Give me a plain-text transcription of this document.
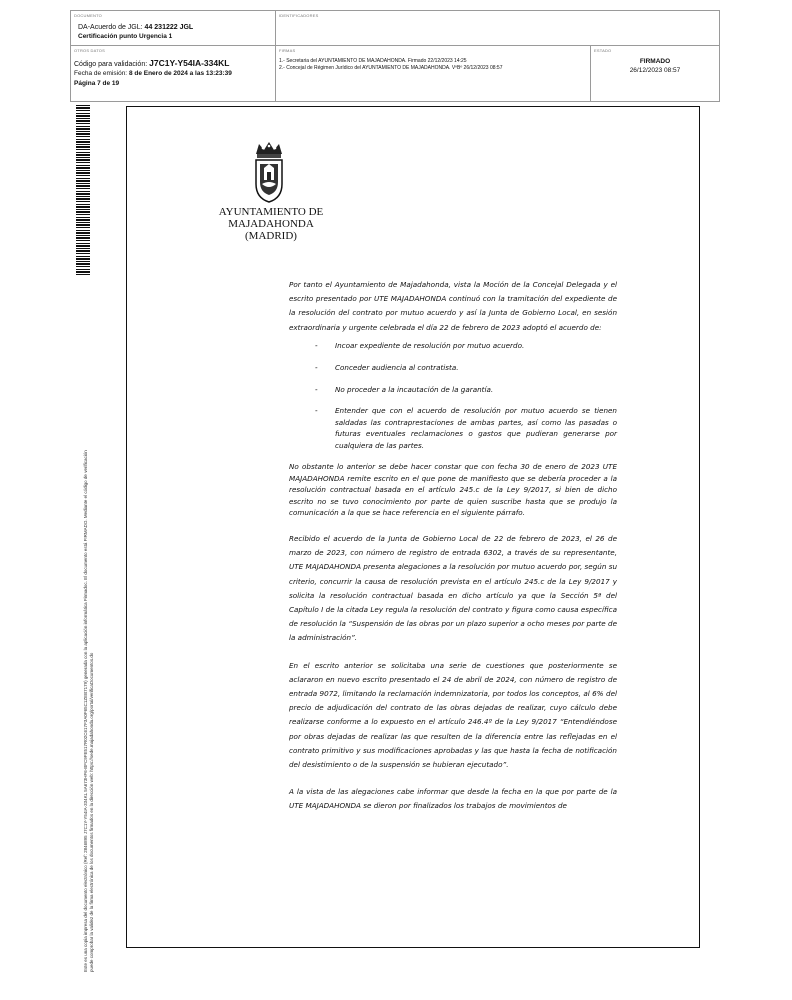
DOCUMENTO
DA-Acuerdo de JGL: 44 231222 JGL
Certificación punto Urgencia 1
IDENTIFICADORES
OTROS DATOS
Código para validación: J7C1Y-Y54IA-334KL
Fecha de emisión: 8 de Enero de 2024 a las 13:23:39
Página 7 de 19
FIRMAS
1.- Secretaria del AYUNTAMIENTO DE MAJADAHONDA. Firmado 22/12/2023 14:25
2.- Concejal de Régimen Jurídico del AYUNTAMIENTO DE MAJADAHONDA. VºBº 26/12/2023 08:57
ESTADO
FIRMADO
26/12/2023 08:57
Este es una copia impresa del documento electrónico (Ref: 2846895 J7C1Y-Y54IA-334KL 5A673HF6-BFC9FE517R02C617F3A0F65C1ZEB7179) generada con la aplicación informática Firmadoc. El documento está FIRMADO. Mediante el código de verificación puede comprobar la validez de la firma electrónica de los documentos firmados en la dirección web: https://sede.majadahonda.org/portal/verificaDocumentos.do
AYUNTAMIENTO DE
MAJADAHONDA
(MADRID)

Por tanto el Ayuntamiento de Majadahonda, vista la Moción de la Concejal Delegada y el escrito presentado por UTE MAJADAHONDA continuó con la tramitación del expediente de la resolución del contrato por mutuo acuerdo y así la Junta de Gobierno Local, en sesión extraordinaria y urgente celebrada el día 22 de febrero de 2023 adoptó el acuerdo de:

- Incoar expediente de resolución por mutuo acuerdo.
- Conceder audiencia al contratista.
- No proceder a la incautación de la garantía.
- Entender que con el acuerdo de resolución por mutuo acuerdo se tienen saldadas las contraprestaciones de ambas partes, así como las pasadas o futuras eventuales reclamaciones o gastos que pudieran generarse por cualquiera de las partes.

No obstante lo anterior se debe hacer constar que con fecha 30 de enero de 2023 UTE MAJADAHONDA remite escrito en el que pone de manifiesto que se debería proceder a la resolución contractual basada en el artículo 245.c de la Ley 9/2017, si bien de dicho escrito no se tuvo conocimiento por parte de quien suscribe hasta que se produjo la comunicación a la que se hace referencia en el siguiente párrafo.

Recibido el acuerdo de la Junta de Gobierno Local de 22 de febrero de 2023, el 26 de marzo de 2023, con número de registro de entrada 6302, a través de su representante, UTE MAJADAHONDA presenta alegaciones a la resolución por mutuo acuerdo por, según su criterio, concurrir la causa de resolución prevista en el artículo 245.c de la Ley 9/2017 y solicita la resolución contractual basada en dicho artículo ya que la Sección 5ª del Capítulo I de la citada Ley regula la resolución del contrato y figura como causa específica de resolución la “Suspensión de las obras por un plazo superior a ocho meses por parte de la administración”.

En el escrito anterior se solicitaba una serie de cuestiones que posteriormente se aclararon en nuevo escrito presentado el 24 de abril de 2024, con número de registro de entrada 9072, limitando la reclamación indemnizatoria, por todos los conceptos, al 6% del precio de adjudicación del contrato de las obras dejadas de realizar, cuyo cálculo debe realizarse conforme a lo expuesto en el artículo 246.4º de la Ley 9/2017 “Entendiéndose por obras dejadas de realizar las que resulten de la diferencia entre las reflejadas en el contrato primitivo y sus modificaciones aprobadas y las que hasta la fecha de notificación del desistimiento o de la suspensión se hubieran ejecutado”.

A la vista de las alegaciones cabe informar que desde la fecha en la que por parte de la UTE MAJADAHONDA se dieron por finalizados los trabajos de movimientos de
